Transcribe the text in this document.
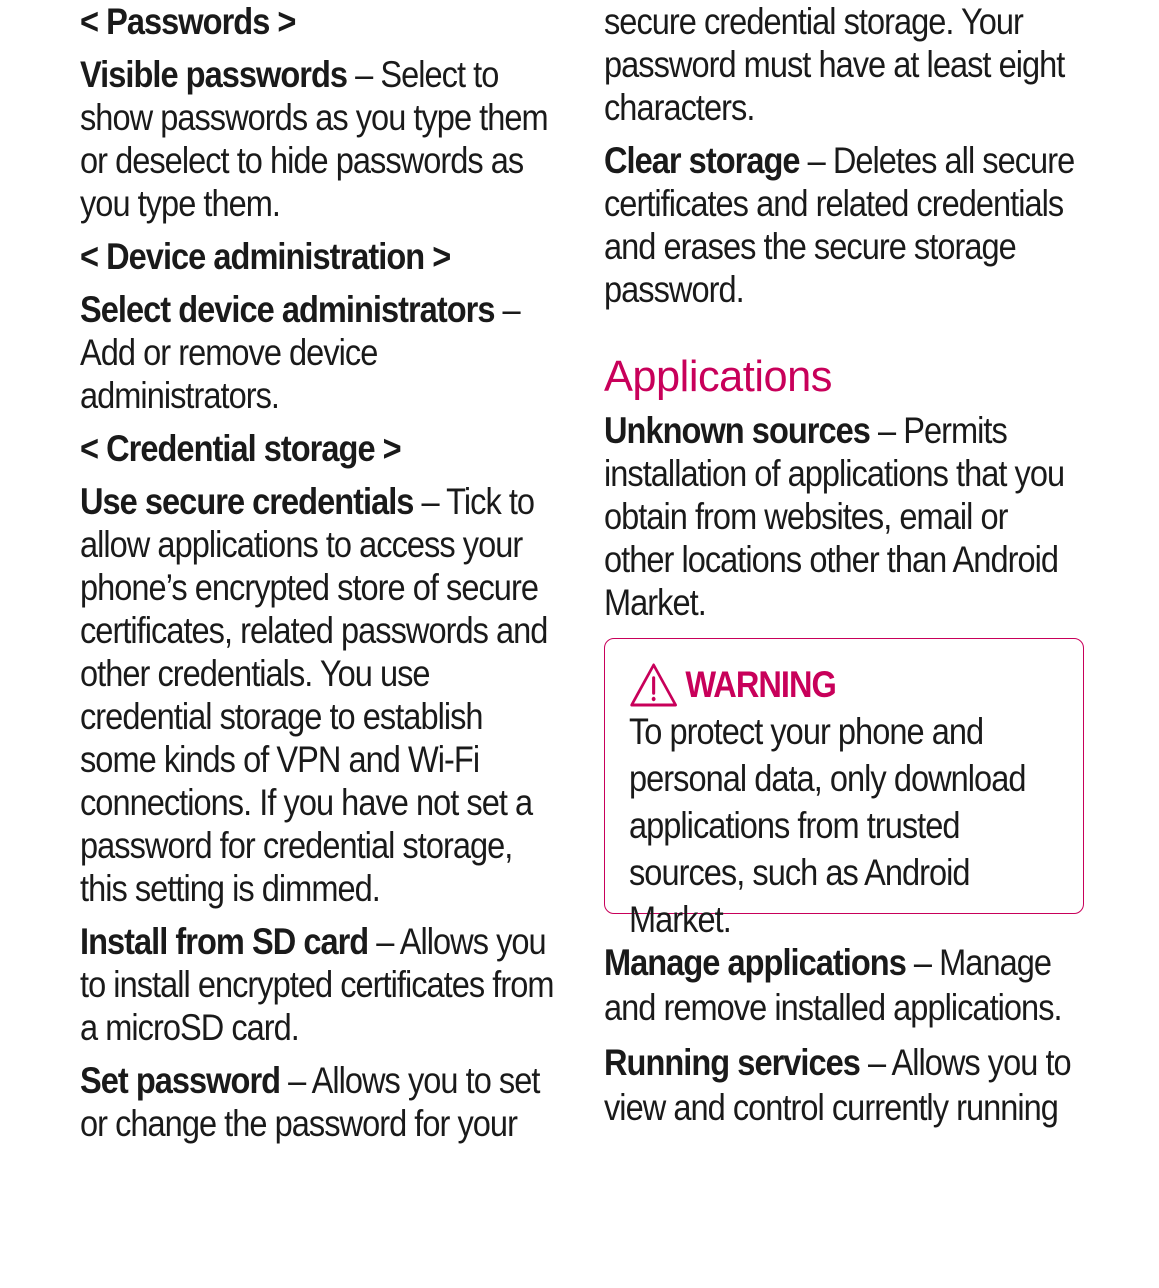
< Passwords >

Visible passwords – Select to show passwords as you type them or deselect to hide passwords as you type them.

< Device administration >

Select device administrators – Add or remove device administrators.

< Credential storage >

Use secure credentials – Tick to allow applications to access your phone’s encrypted store of secure certificates, related passwords and other credentials. You use credential storage to establish some kinds of VPN and Wi-Fi connections. If you have not set a password for credential storage, this setting is dimmed.

Install from SD card – Allows you to install encrypted certificates from a microSD card.

Set password – Allows you to set or change the password for your

secure credential storage. Your password must have at least eight characters.

Clear storage – Deletes all secure certificates and related credentials and erases the secure storage password.

Applications

Unknown sources – Permits installation of applications that you obtain from websites, email or other locations other than Android Market.

WARNING

To protect your phone and personal data, only download applications from trusted sources, such as Android Market.

Manage applications – Manage and remove installed applications.

Running services – Allows you to view and control currently running
